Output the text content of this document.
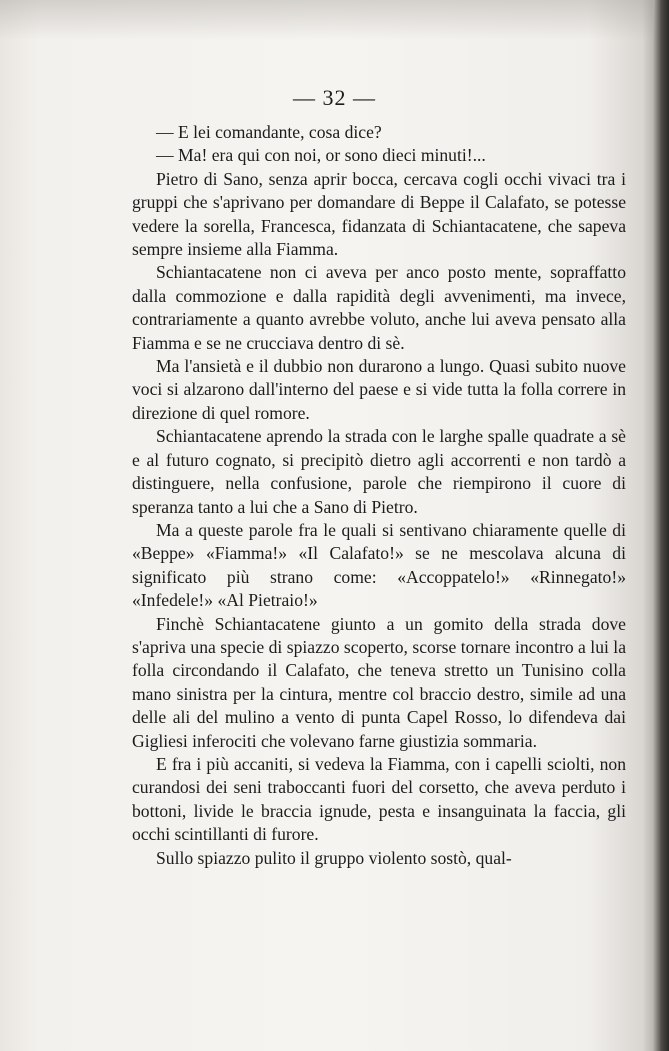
— 32 —

— E lei comandante, cosa dice?

— Ma! era qui con noi, or sono dieci minuti!...

Pietro di Sano, senza aprir bocca, cercava cogli occhi vivaci tra i gruppi che s'aprivano per domandare di Beppe il Calafato, se potesse vedere la sorella, Francesca, fidanzata di Schiantacatene, che sapeva sempre insieme alla Fiamma.

Schiantacatene non ci aveva per anco posto mente, sopraffatto dalla commozione e dalla rapidità degli avvenimenti, ma invece, contrariamente a quanto avrebbe voluto, anche lui aveva pensato alla Fiamma e se ne crucciava dentro di sè.

Ma l'ansietà e il dubbio non durarono a lungo. Quasi subito nuove voci si alzarono dall'interno del paese e si vide tutta la folla correre in direzione di quel romore.

Schiantacatene aprendo la strada con le larghe spalle quadrate a sè e al futuro cognato, si precipitò dietro agli accorrenti e non tardò a distinguere, nella confusione, parole che riempirono il cuore di speranza tanto a lui che a Sano di Pietro.

Ma a queste parole fra le quali si sentivano chiaramente quelle di «Beppe» «Fiamma!» «Il Calafato!» se ne mescolava alcuna di significato più strano come: «Accoppatelo!» «Rinnegato!» «Infedele!» «Al Pietraio!»

Finchè Schiantacatene giunto a un gomito della strada dove s'apriva una specie di spiazzo scoperto, scorse tornare incontro a lui la folla circondando il Calafato, che teneva stretto un Tunisino colla mano sinistra per la cintura, mentre col braccio destro, simile ad una delle ali del mulino a vento di punta Capel Rosso, lo difendeva dai Gigliesi inferociti che volevano farne giustizia sommaria.

E fra i più accaniti, si vedeva la Fiamma, con i capelli sciolti, non curandosi dei seni traboccanti fuori del corsetto, che aveva perduto i bottoni, livide le braccia ignude, pesta e insanguinata la faccia, gli occhi scintillanti di furore.

Sullo spiazzo pulito il gruppo violento sostò, qual-
